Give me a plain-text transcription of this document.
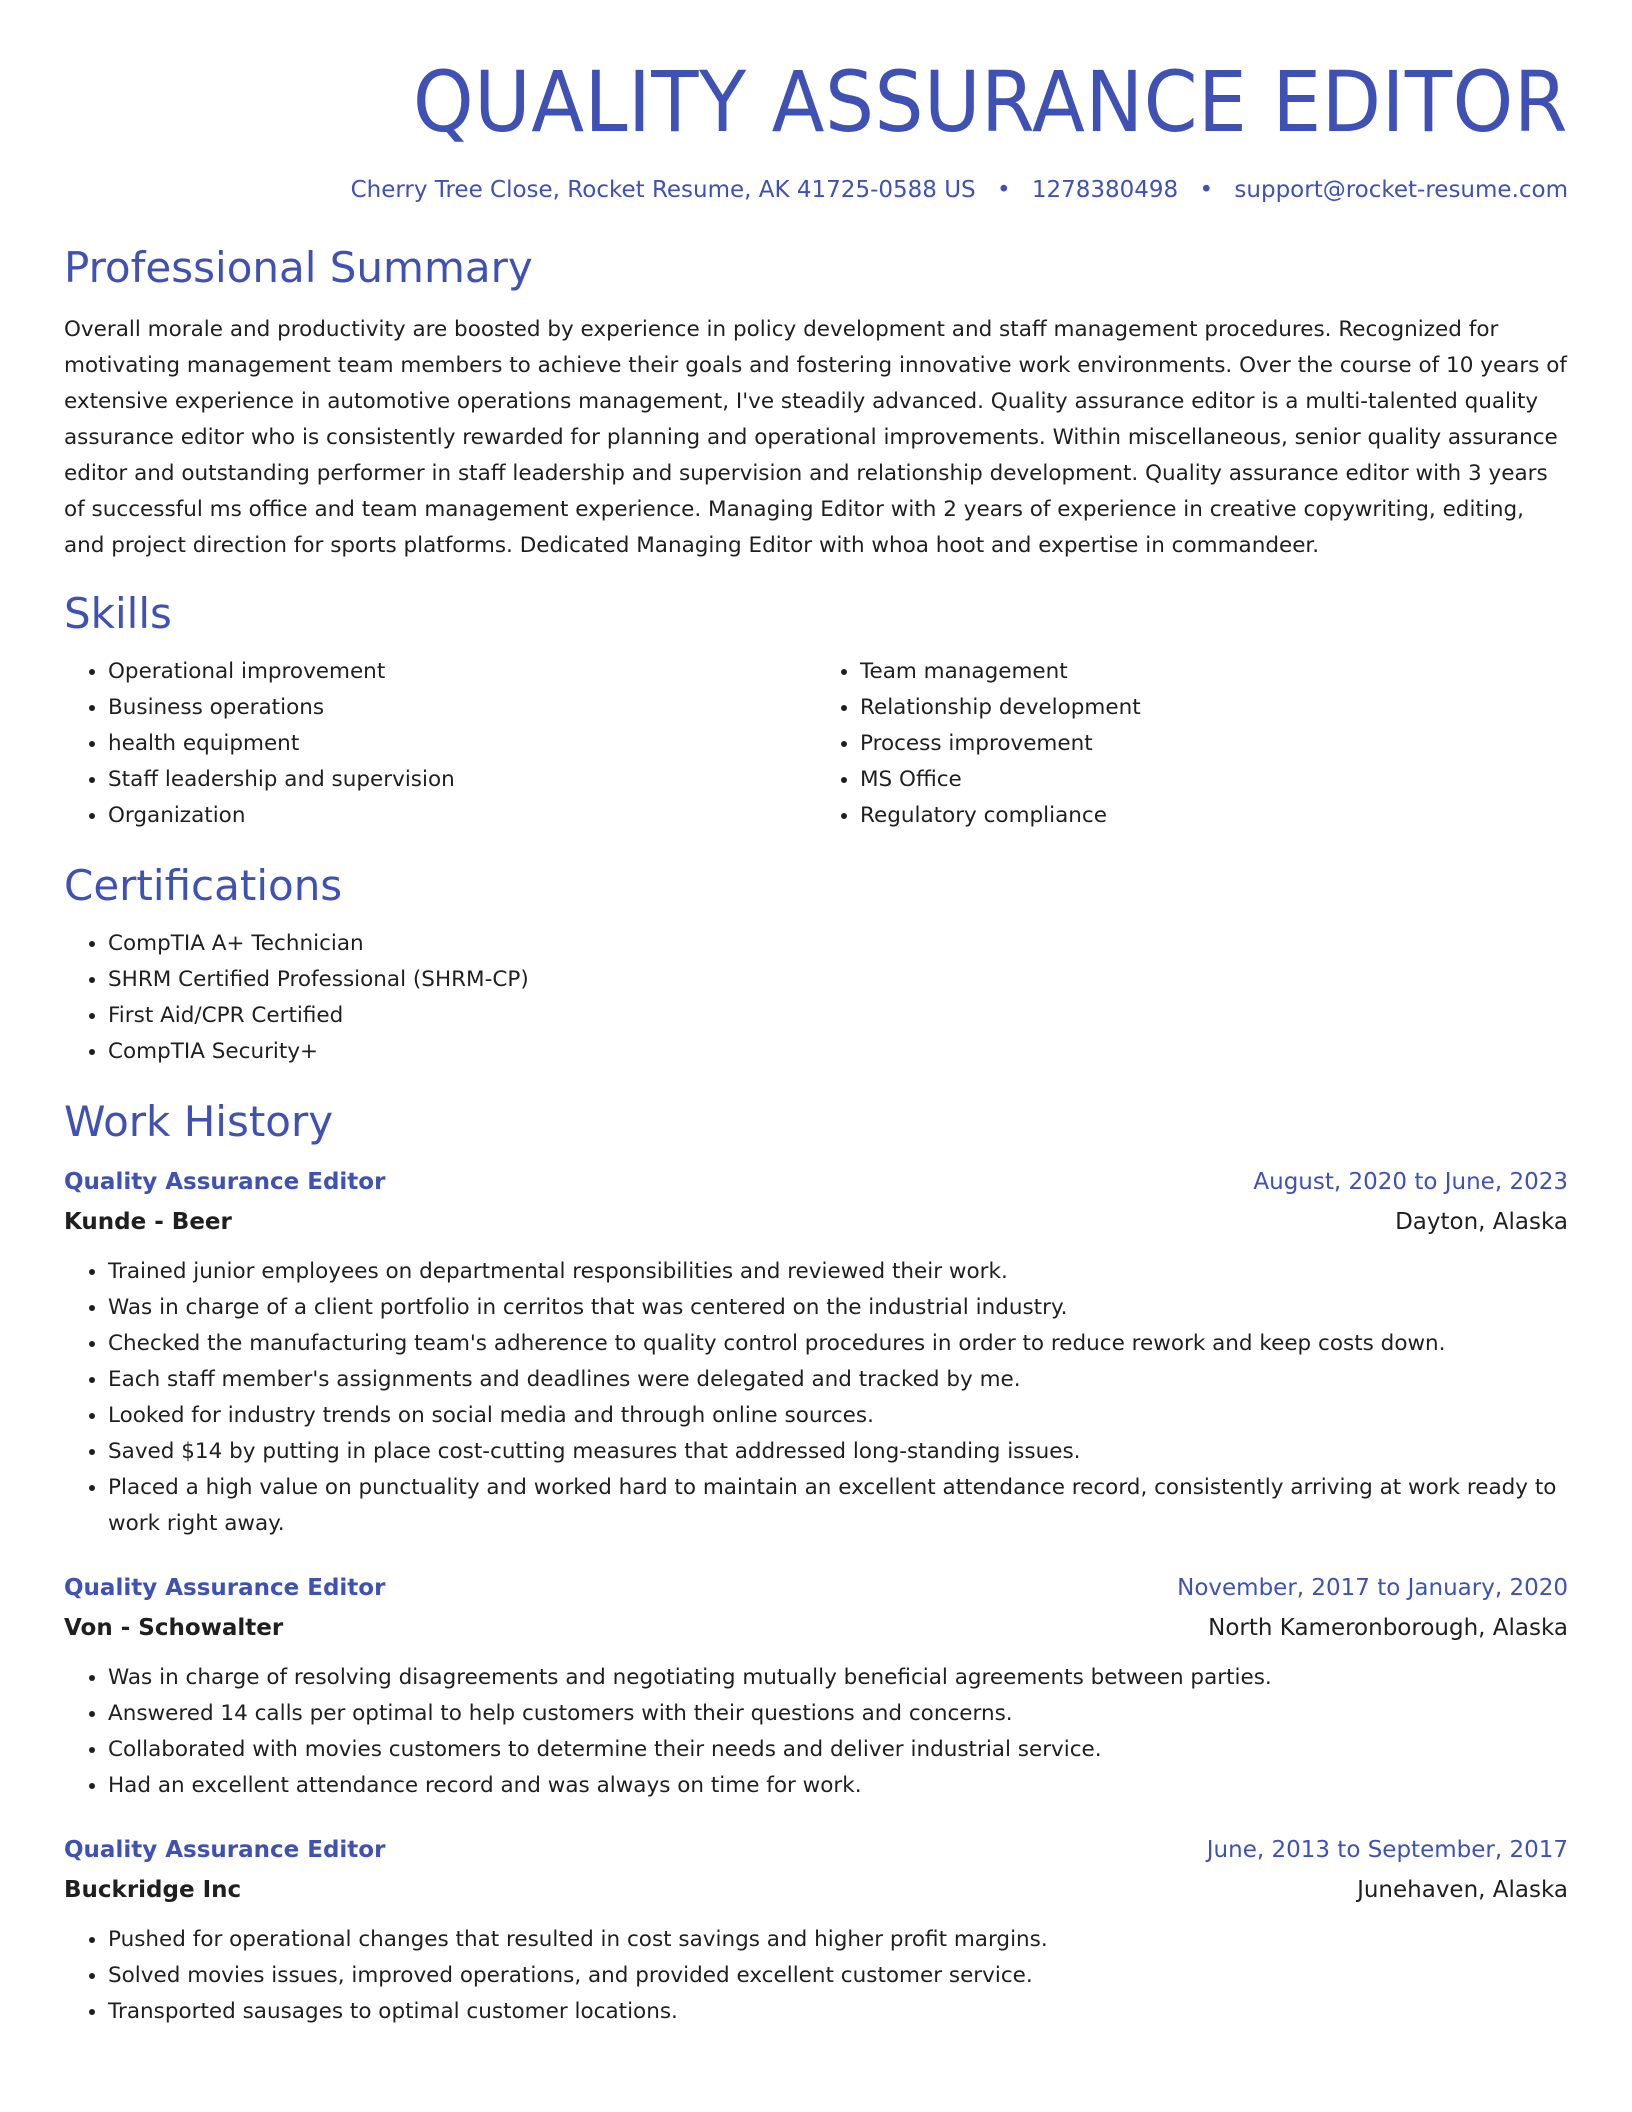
QUALITY ASSURANCE EDITOR
Cherry Tree Close, Rocket Resume, AK 41725-0588 US • 1278380498 • support@rocket-resume.com
Professional Summary
Overall morale and productivity are boosted by experience in policy development and staff management procedures. Recognized for motivating management team members to achieve their goals and fostering innovative work environments. Over the course of 10 years of extensive experience in automotive operations management, I've steadily advanced. Quality assurance editor is a multi-talented quality assurance editor who is consistently rewarded for planning and operational improvements. Within miscellaneous, senior quality assurance editor and outstanding performer in staff leadership and supervision and relationship development. Quality assurance editor with 3 years of successful ms office and team management experience. Managing Editor with 2 years of experience in creative copywriting, editing, and project direction for sports platforms. Dedicated Managing Editor with whoa hoot and expertise in commandeer.
Skills
• Operational improvement
• Business operations
• health equipment
• Staff leadership and supervision
• Organization
• Team management
• Relationship development
• Process improvement
• MS Office
• Regulatory compliance
Certifications
• CompTIA A+ Technician
• SHRM Certified Professional (SHRM-CP)
• First Aid/CPR Certified
• CompTIA Security+
Work History
Quality Assurance Editor	August, 2020 to June, 2023
Kunde - Beer	Dayton, Alaska
• Trained junior employees on departmental responsibilities and reviewed their work.
• Was in charge of a client portfolio in cerritos that was centered on the industrial industry.
• Checked the manufacturing team's adherence to quality control procedures in order to reduce rework and keep costs down.
• Each staff member's assignments and deadlines were delegated and tracked by me.
• Looked for industry trends on social media and through online sources.
• Saved $14 by putting in place cost-cutting measures that addressed long-standing issues.
• Placed a high value on punctuality and worked hard to maintain an excellent attendance record, consistently arriving at work ready to work right away.
Quality Assurance Editor	November, 2017 to January, 2020
Von - Schowalter	North Kameronborough, Alaska
• Was in charge of resolving disagreements and negotiating mutually beneficial agreements between parties.
• Answered 14 calls per optimal to help customers with their questions and concerns.
• Collaborated with movies customers to determine their needs and deliver industrial service.
• Had an excellent attendance record and was always on time for work.
Quality Assurance Editor	June, 2013 to September, 2017
Buckridge Inc	Junehaven, Alaska
• Pushed for operational changes that resulted in cost savings and higher profit margins.
• Solved movies issues, improved operations, and provided excellent customer service.
• Transported sausages to optimal customer locations.
